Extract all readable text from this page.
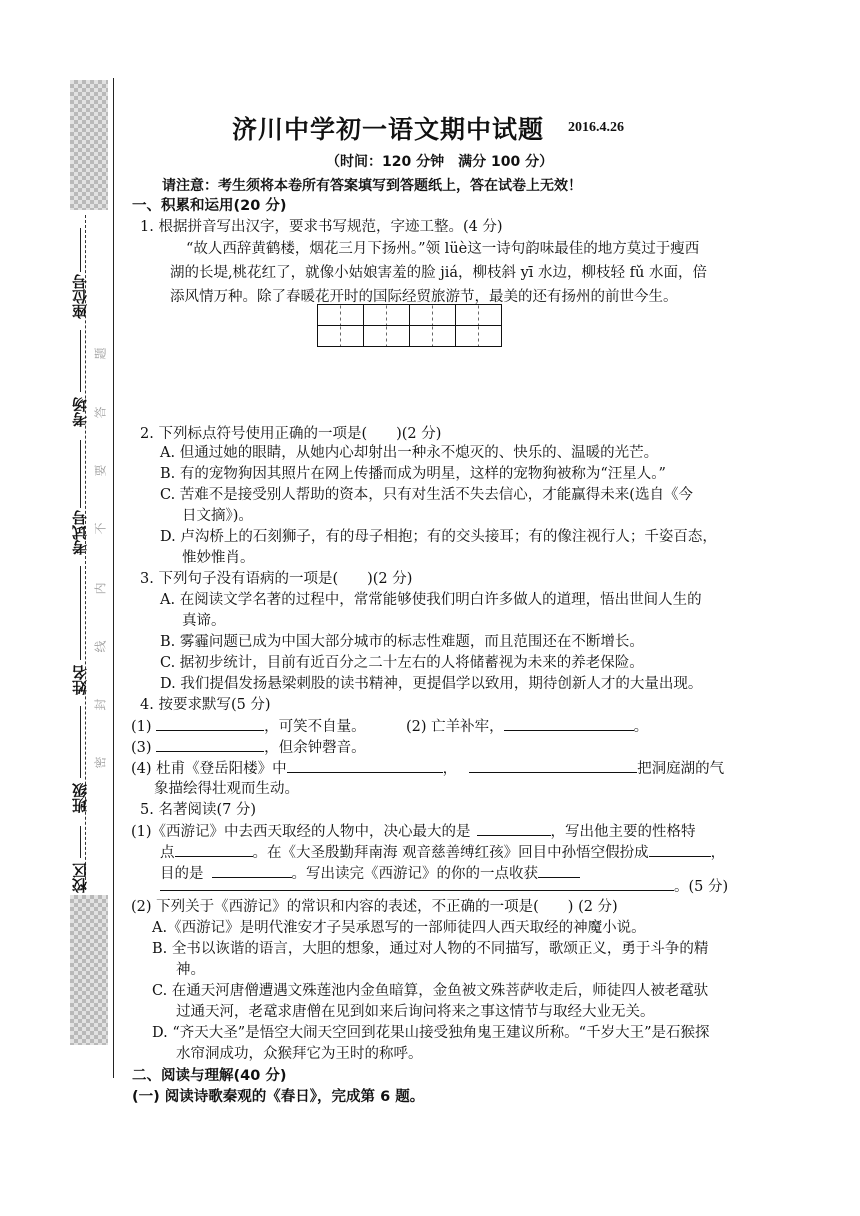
座位号
考场
考试号
姓名
班级
校区
题
答
要
不
内
线
封
密
济川中学初一语文期中试题 2016.4.26
（时间：120 分钟　满分 100 分）
请注意：考生须将本卷所有答案填写到答题纸上，答在试卷上无效！
一、积累和运用(20 分)
1. 根据拼音写出汉字，要求书写规范，字迹工整。(4 分)
“故人西辞黄鹤楼，烟花三月下扬州。”领 lüè这一诗句韵味最佳的地方莫过于瘦西
湖的长堤,桃花红了，就像小姑娘害羞的脸 jiá，柳枝斜 yī 水边，柳枝轻 fǔ 水面，倍
添风情万种。除了春暖花开时的国际经贸旅游节，最美的还有扬州的前世今生。

2. 下列标点符号使用正确的一项是(　　)(2 分)
A. 但通过她的眼睛，从她内心却射出一种永不熄灭的、快乐的、温暖的光芒。
B. 有的宠物狗因其照片在网上传播而成为明星，这样的宠物狗被称为“汪星人。”
C. 苦难不是接受别人帮助的资本，只有对生活不失去信心，才能赢得未来(选自《今
日文摘》)。
D. 卢沟桥上的石刻狮子，有的母子相抱；有的交头接耳；有的像注视行人；千姿百态，
惟妙惟肖。
3. 下列句子没有语病的一项是(　　)(2 分)
A. 在阅读文学名著的过程中，常常能够使我们明白许多做人的道理，悟出世间人生的
真谛。
B. 雾霾问题已成为中国大部分城市的标志性难题，而且范围还在不断增长。
C. 据初步统计，目前有近百分之二十左右的人将储蓄视为未来的养老保险。
D. 我们提倡发扬悬梁刺股的读书精神，更提倡学以致用，期待创新人才的大量出现。
4. 按要求默写(5 分)
(1)	，可笑不自量。	(2) 亡羊补牢，	。
(3)	，但余钟磬音。
(4) 杜甫《登岳阳楼》中	，	把洞庭湖的气
象描绘得壮观而生动。
5. 名著阅读(7 分)
(1)《西游记》中去西天取经的人物中，决心最大的是	，写出他主要的性格特
点	。在《大圣殷勤拜南海 观音慈善缚红孩》回目中孙悟空假扮成	，
目的是	。写出读完《西游记》的你的一点收获
。(5 分)
(2) 下列关于《西游记》的常识和内容的表述，不正确的一项是(　　) (2 分)
A.《西游记》是明代淮安才子吴承恩写的一部师徒四人西天取经的神魔小说。
B. 全书以诙谐的语言，大胆的想象，通过对人物的不同描写，歌颂正义，勇于斗争的精
神。
C. 在通天河唐僧遭遇文殊莲池内金鱼暗算，金鱼被文殊菩萨收走后，师徒四人被老鼋驮
过通天河，老鼋求唐僧在见到如来后询问将来之事这情节与取经大业无关。
D. “齐天大圣”是悟空大闹天空回到花果山接受独角鬼王建议所称。“千岁大王”是石猴探
水帘洞成功，众猴拜它为王时的称呼。
二、阅读与理解(40 分)
(一) 阅读诗歌秦观的《春日》，完成第 6 题。
